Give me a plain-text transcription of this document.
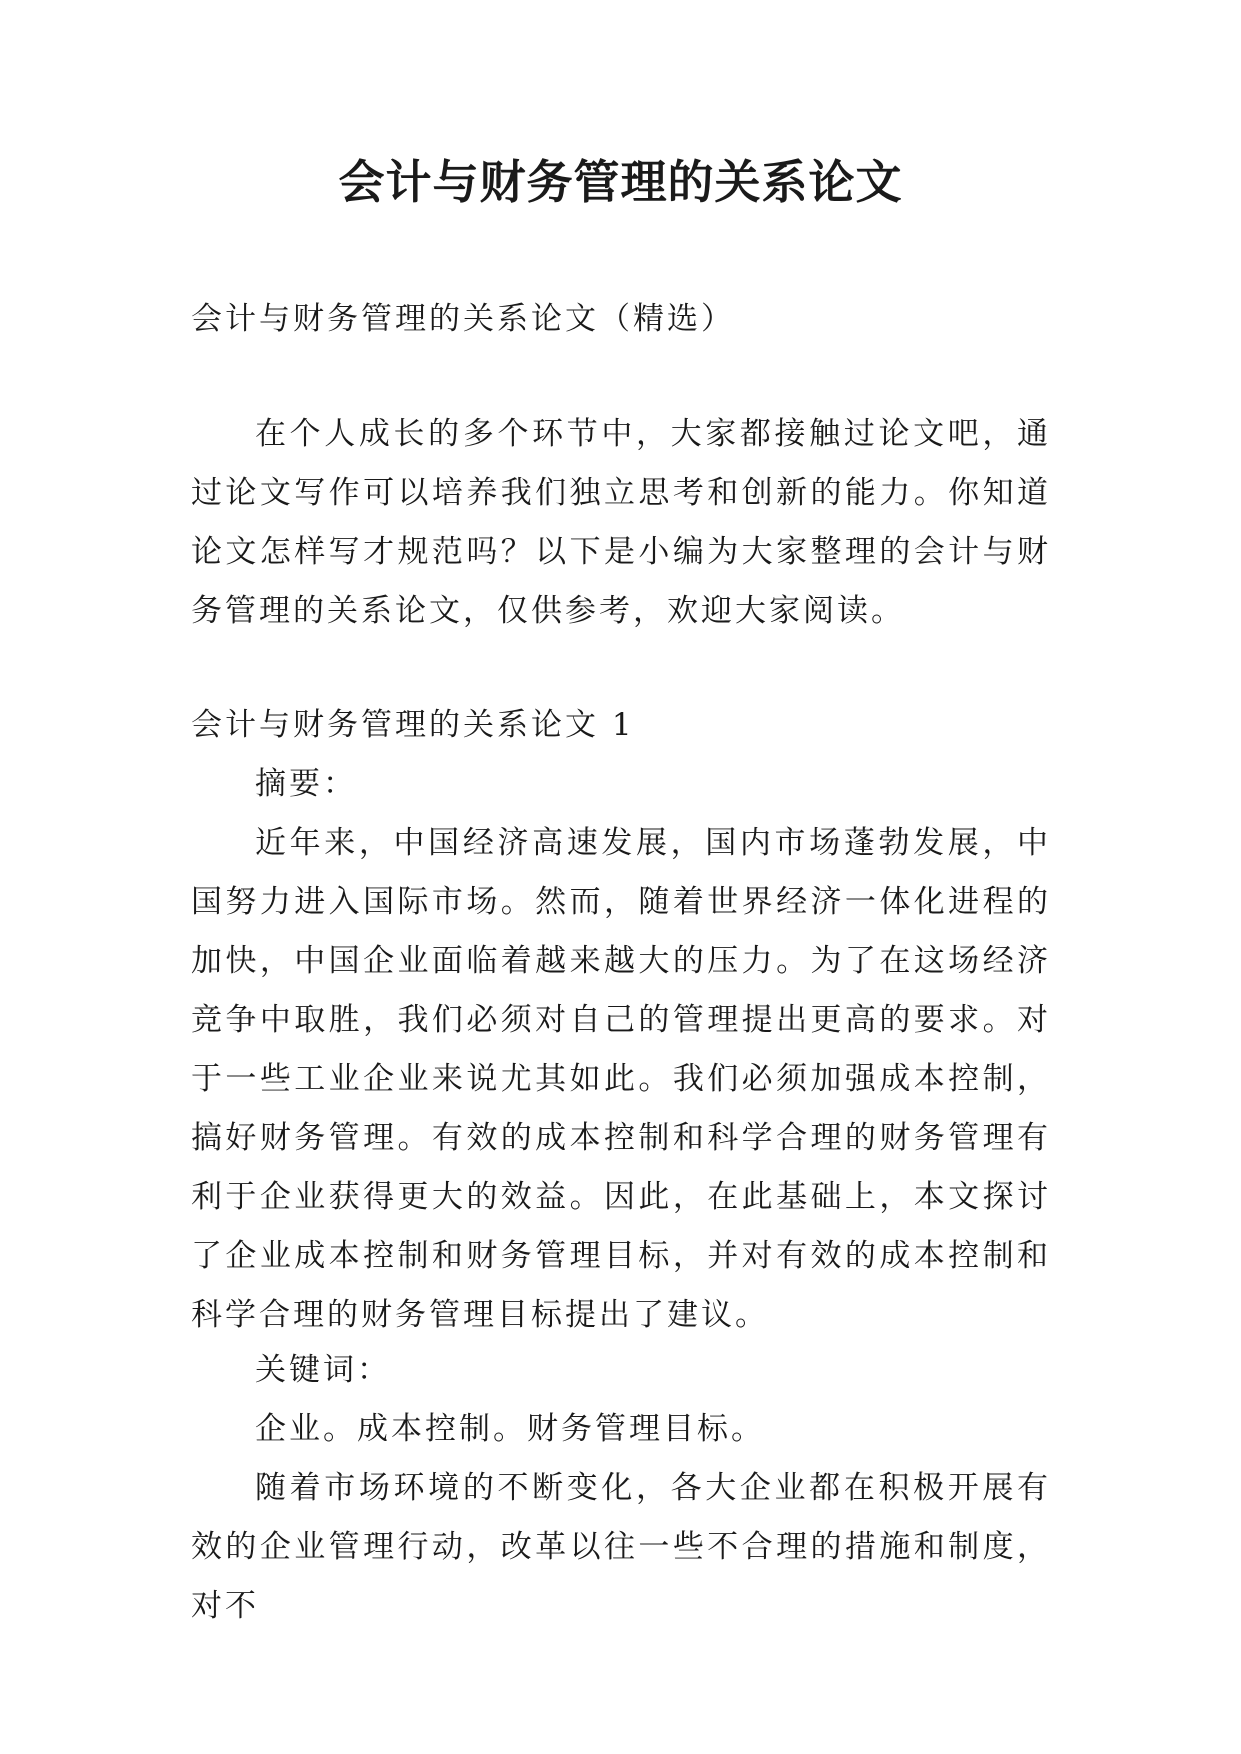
会计与财务管理的关系论文

会计与财务管理的关系论文（精选）

在个人成长的多个环节中，大家都接触过论文吧，通过论文写作可以培养我们独立思考和创新的能力。你知道论文怎样写才规范吗？以下是小编为大家整理的会计与财务管理的关系论文，仅供参考，欢迎大家阅读。

会计与财务管理的关系论文 1

摘要：

近年来，中国经济高速发展，国内市场蓬勃发展，中国努力进入国际市场。然而，随着世界经济一体化进程的加快，中国企业面临着越来越大的压力。为了在这场经济竞争中取胜，我们必须对自己的管理提出更高的要求。对于一些工业企业来说尤其如此。我们必须加强成本控制，搞好财务管理。有效的成本控制和科学合理的财务管理有利于企业获得更大的效益。因此，在此基础上，本文探讨了企业成本控制和财务管理目标，并对有效的成本控制和科学合理的财务管理目标提出了建议。

关键词：

企业。成本控制。财务管理目标。

随着市场环境的不断变化，各大企业都在积极开展有效的企业管理行动，改革以往一些不合理的措施和制度，对不
